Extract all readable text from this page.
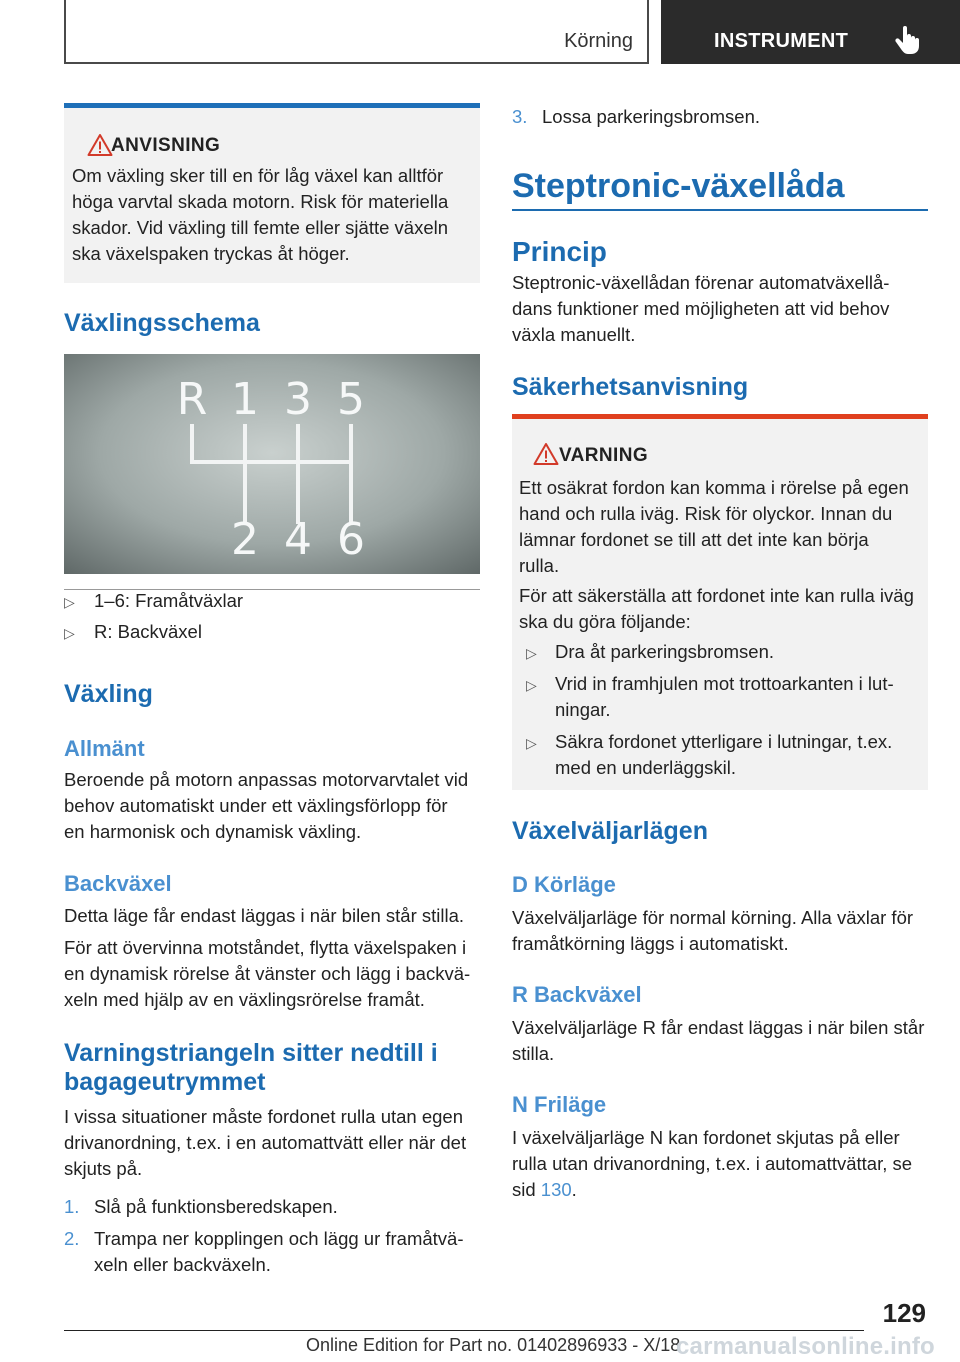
Körning	INSTRUMENT
ANVISNING

Om växling sker till en för låg växel kan alltför
höga varvtal skada motorn. Risk för materiella
skador. Vid växling till femte eller sjätte växeln
ska växelspaken tryckas åt höger.

Växlingsschema
R 1 3 5
2 4 6
▷ 1–6: Framåtväxlar
▷ R: Backväxel
Växling
Allmänt

Beroende på motorn anpassas motorvarvtalet vid
behov automatiskt under ett växlingsförlopp för
en harmonisk och dynamisk växling.

Backväxel

Detta läge får endast läggas i när bilen står stilla.

För att övervinna motståndet, flytta växelspaken i
en dynamisk rörelse åt vänster och lägg i backvä-
xeln med hjälp av en växlingsrörelse framåt.

Varningstriangeln sitter nedtill i
bagageutrymmet

I vissa situationer måste fordonet rulla utan egen
drivanordning, t.ex. i en automattvätt eller när det
skjuts på.

1. Slå på funktionsberedskapen.
2. Trampa ner kopplingen och lägg ur framåtvä-
xeln eller backväxeln.
3. Lossa parkeringsbromsen.
Steptronic-växellåda
Princip

Steptronic-växellådan förenar automatväxellå-
dans funktioner med möjligheten att vid behov
växla manuellt.

Säkerhetsanvisning
VARNING

Ett osäkrat fordon kan komma i rörelse på egen
hand och rulla iväg. Risk för olyckor. Innan du
lämnar fordonet se till att det inte kan börja
rulla.

För att säkerställa att fordonet inte kan rulla iväg
ska du göra följande:

▷ Dra åt parkeringsbromsen.
▷ Vrid in framhjulen mot trottoarkanten i lut-
ningar.
▷ Säkra fordonet ytterligare i lutningar, t.ex.
med en underläggskil.
Växelväljarlägen
D Körläge

Växelväljarläge för normal körning. Alla växlar för
framåtkörning läggs i automatiskt.

R Backväxel

Växelväljarläge R får endast läggas i när bilen står
stilla.

N Friläge

I växelväljarläge N kan fordonet skjutas på eller
rulla utan drivanordning, t.ex. i automattvättar, se
sid 130.

129
Online Edition for Part no. 01402896933 - X/18
carmanualsonline.info
